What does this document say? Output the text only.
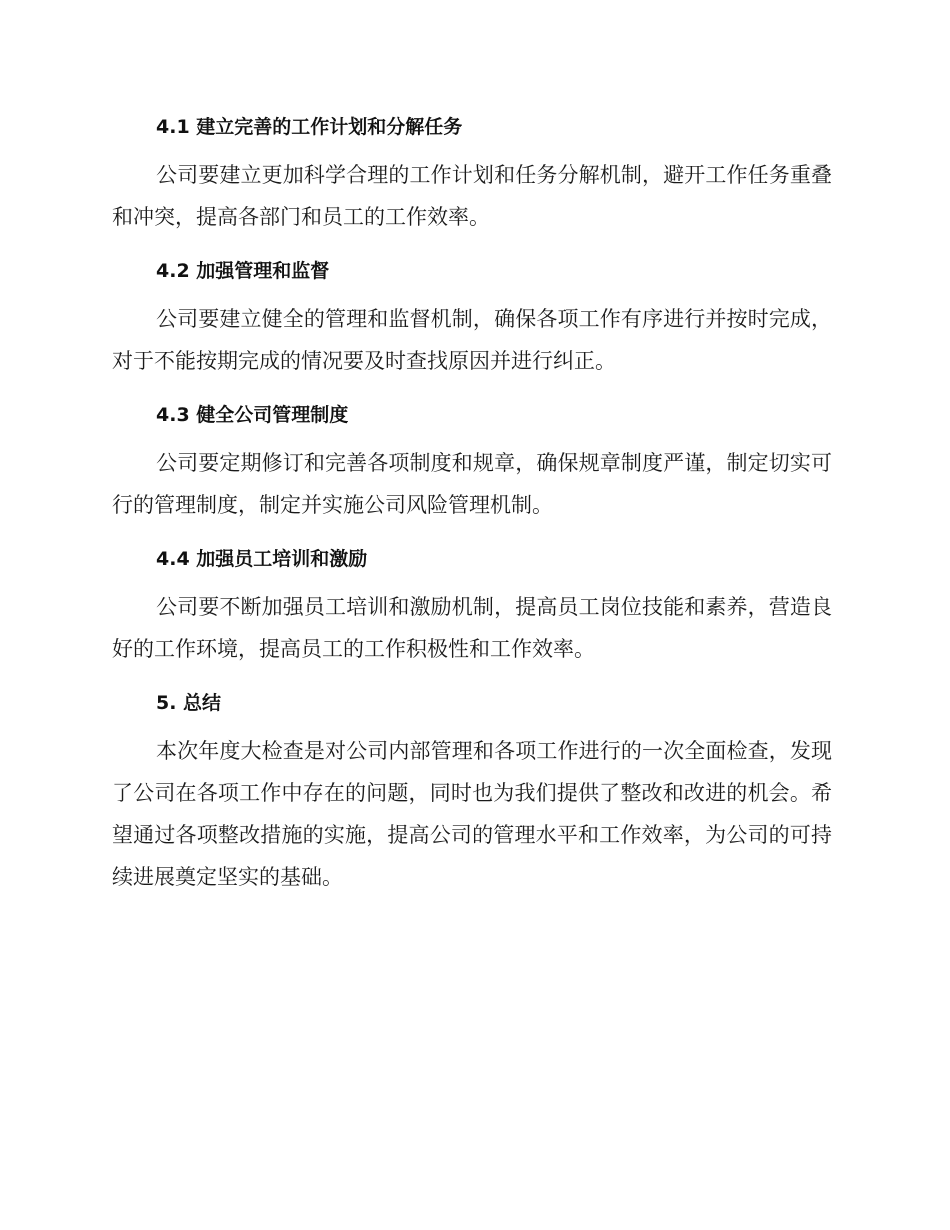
4.1 建立完善的工作计划和分解任务

公司要建立更加科学合理的工作计划和任务分解机制，避开工作任务重叠和冲突，提高各部门和员工的工作效率。

4.2 加强管理和监督

公司要建立健全的管理和监督机制，确保各项工作有序进行并按时完成，对于不能按期完成的情况要及时查找原因并进行纠正。

4.3 健全公司管理制度

公司要定期修订和完善各项制度和规章，确保规章制度严谨，制定切实可行的管理制度，制定并实施公司风险管理机制。

4.4 加强员工培训和激励

公司要不断加强员工培训和激励机制，提高员工岗位技能和素养，营造良好的工作环境，提高员工的工作积极性和工作效率。

5. 总结

本次年度大检查是对公司内部管理和各项工作进行的一次全面检查，发现了公司在各项工作中存在的问题，同时也为我们提供了整改和改进的机会。希望通过各项整改措施的实施，提高公司的管理水平和工作效率，为公司的可持续进展奠定坚实的基础。
